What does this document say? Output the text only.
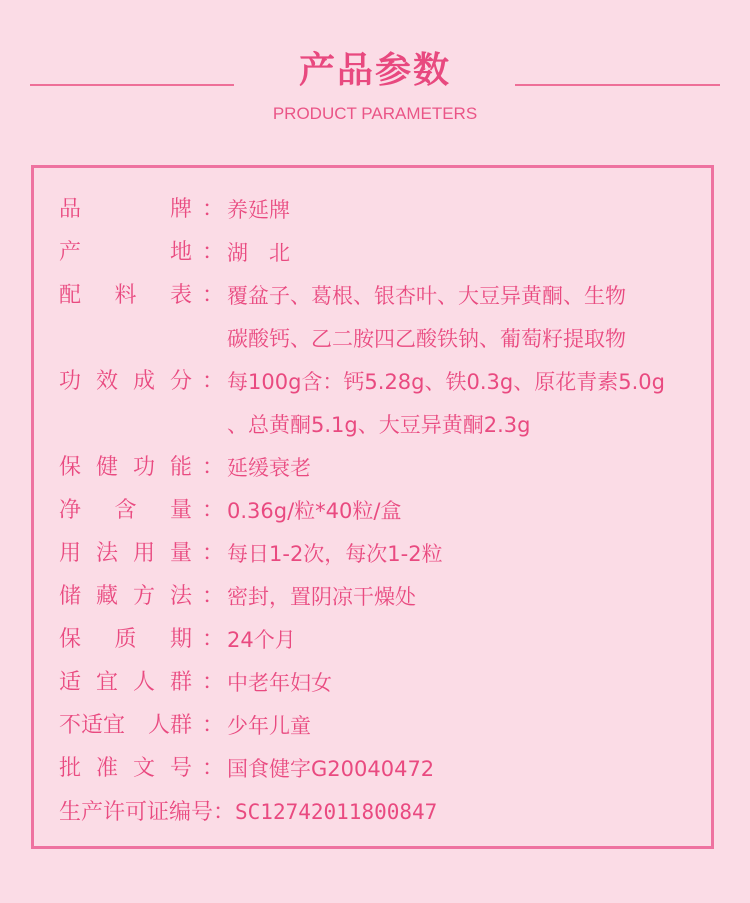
产品参数
PRODUCT PARAMETERS
品	牌 ： 养延牌
产	地 ： 湖　北
配 料 表 ： 覆盆子、葛根、银杏叶、大豆异黄酮、生物
碳酸钙、乙二胺四乙酸铁钠、葡萄籽提取物
功 效 成 分 ： 每100g含：钙5.28g、铁0.3g、原花青素5.0g
、总黄酮5.1g、大豆异黄酮2.3g
保 健 功 能 ： 延缓衰老
净 含 量 ： 0.36g/粒*40粒/盒
用 法 用 量 ： 每日1-2次，每次1-2粒
储 藏 方 法 ： 密封，置阴凉干燥处
保 质 期 ： 24个月
适 宜 人 群 ： 中老年妇女
不适宜 人群 ： 少年儿童
批 准 文 号 ： 国食健字G20040472
生产许可证编号：SC12742011800847
